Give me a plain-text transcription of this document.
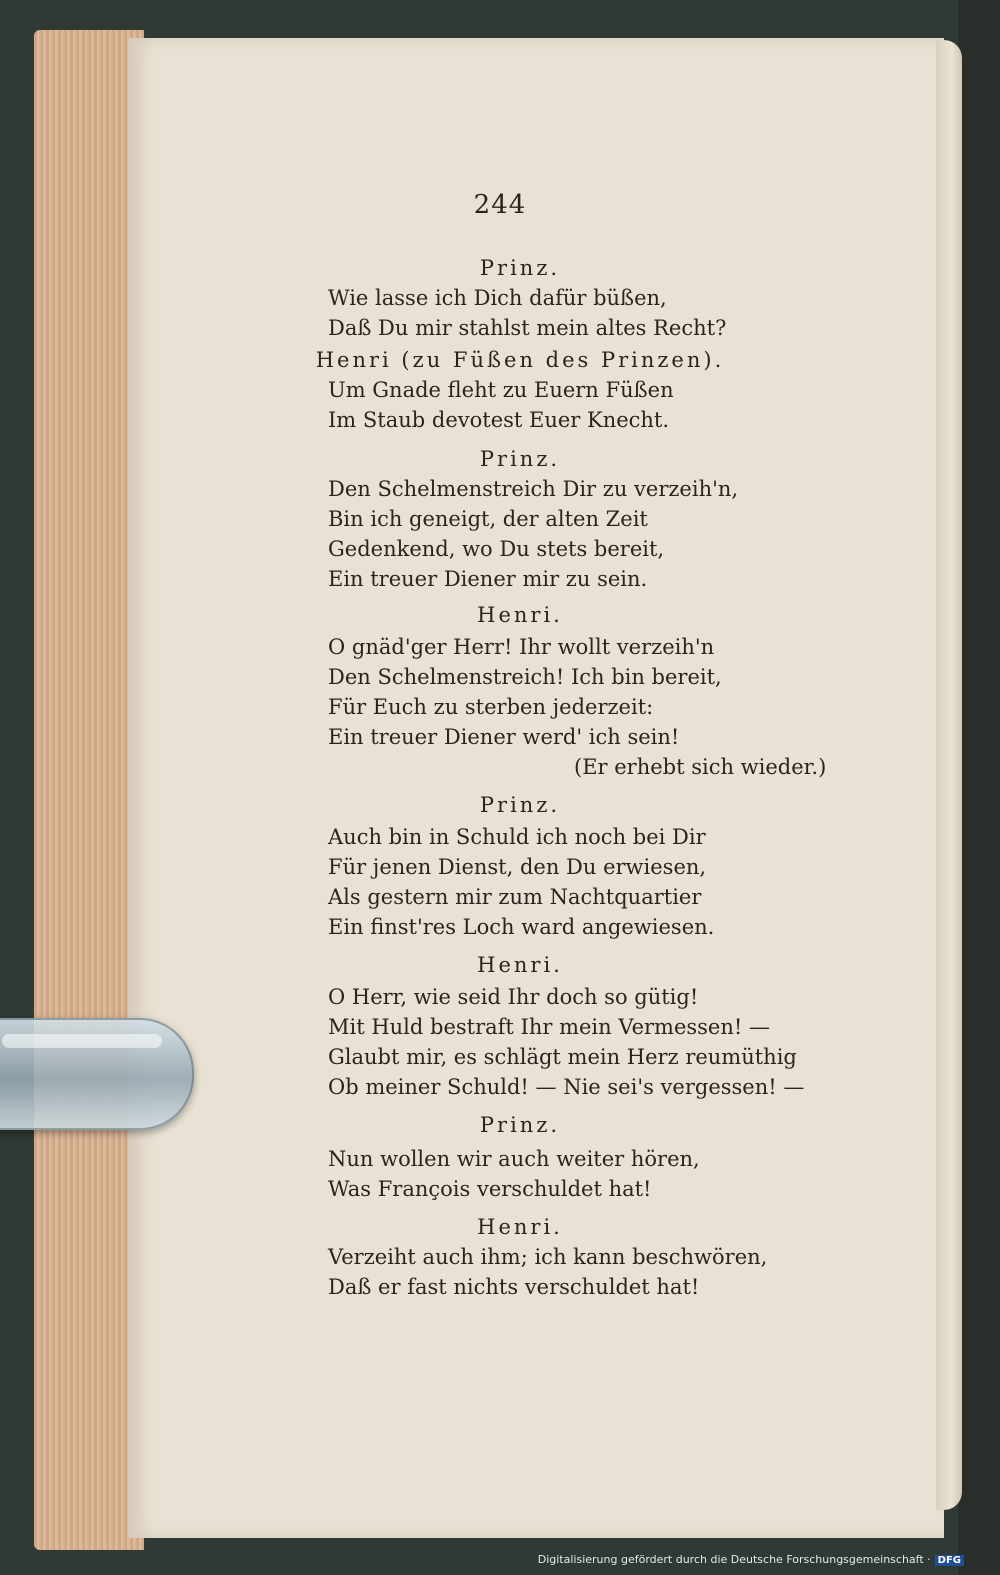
244
Prinz.
Wie lasse ich Dich dafür büßen,
Daß Du mir stahlst mein altes Recht?
Henri (zu Füßen des Prinzen).
Um Gnade fleht zu Euern Füßen
Im Staub devotest Euer Knecht.
Prinz.
Den Schelmenstreich Dir zu verzeih'n,
Bin ich geneigt, der alten Zeit
Gedenkend, wo Du stets bereit,
Ein treuer Diener mir zu sein.
Henri.
O gnäd'ger Herr! Ihr wollt verzeih'n
Den Schelmenstreich! Ich bin bereit,
Für Euch zu sterben jederzeit:
Ein treuer Diener werd' ich sein!
(Er erhebt sich wieder.)
Prinz.
Auch bin in Schuld ich noch bei Dir
Für jenen Dienst, den Du erwiesen,
Als gestern mir zum Nachtquartier
Ein finst'res Loch ward angewiesen.
Henri.
O Herr, wie seid Ihr doch so gütig!
Mit Huld bestraft Ihr mein Vermessen! —
Glaubt mir, es schlägt mein Herz reumüthig
Ob meiner Schuld! — Nie sei's vergessen! —
Prinz.
Nun wollen wir auch weiter hören,
Was François verschuldet hat!
Henri.
Verzeiht auch ihm; ich kann beschwören,
Daß er fast nichts verschuldet hat!
Digitalisierung gefördert durch die Deutsche Forschungsgemeinschaft · DFG
